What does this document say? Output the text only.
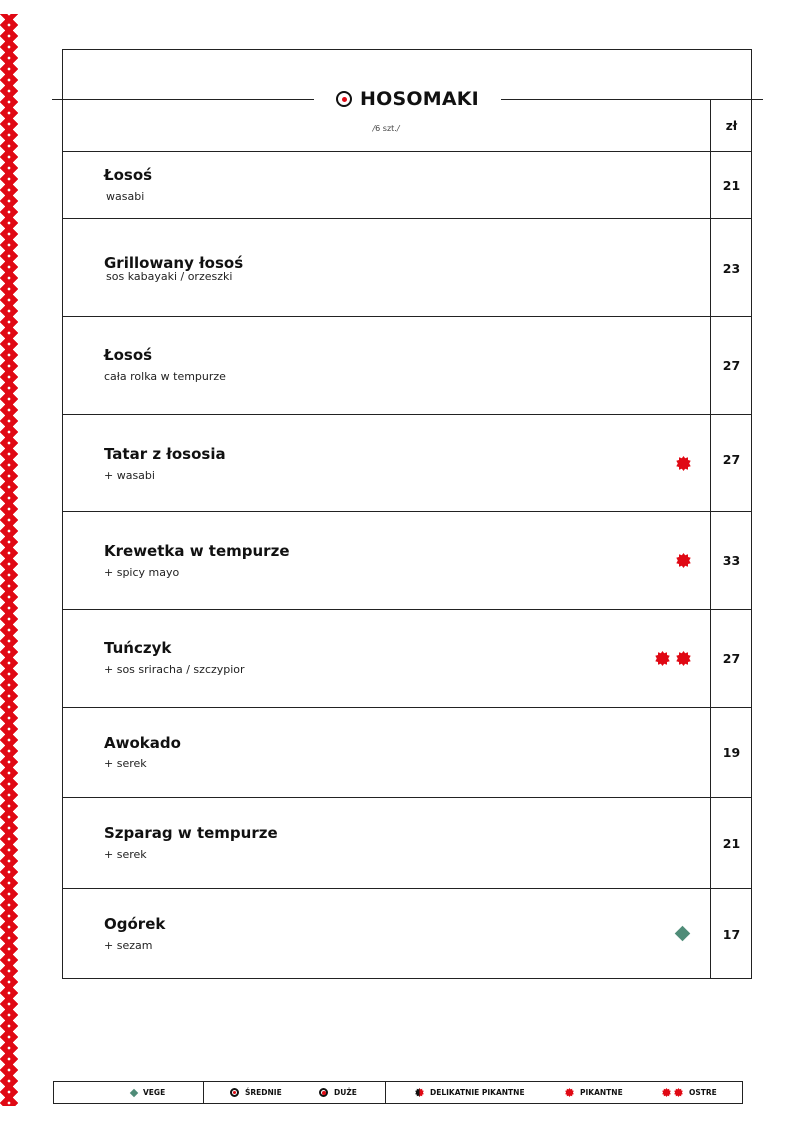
HOSOMAKI
/6 szt./	zł
Łosoś
wasabi
21
Grillowany łosoś
sos kabayaki / orzeszki
23
Łosoś
cała rolka w tempurze
27
Tatar z łososia
+ wasabi
27
Krewetka w tempurze
+ spicy mayo
33
Tuńczyk
+ sos sriracha / szczypior
27
Awokado
+ serek
19
Szparag w tempurze
+ serek
21
Ogórek
+ sezam
17
VEGE	ŚREDNIE	DUŻE	DELIKATNIE PIKANTNE	PIKANTNE	OSTRE
